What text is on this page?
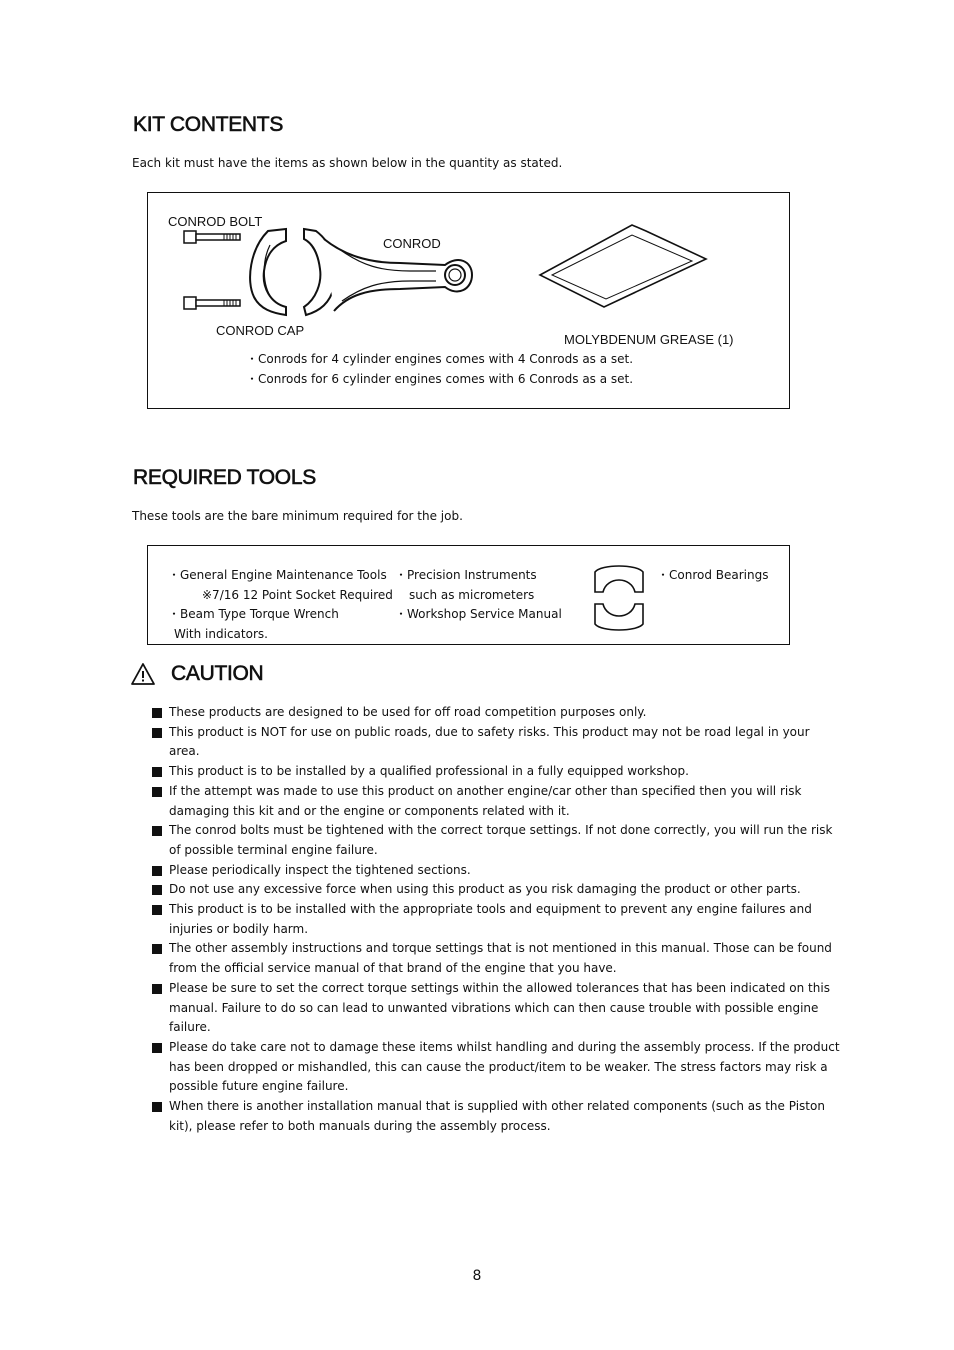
KIT CONTENTS
Each kit must have the items as shown below in the quantity as stated.
CONROD BOLT
CONROD
CONROD CAP
MOLYBDENUM GREASE (1)
・Conrods for 4 cylinder engines comes with 4 Conrods as a set.
・Conrods for 6 cylinder engines comes with 6 Conrods as a set.
REQUIRED TOOLS
These tools are the bare minimum required for the job.
・General Engine Maintenance Tools
※7/16 12 Point Socket Required
・Beam Type Torque Wrench
With indicators.
・Precision Instruments
such as micrometers
・Workshop Service Manual
・Conrod Bearings
CAUTION
These products are designed to be used for off road competition purposes only.
This product is NOT for use on public roads, due to safety risks. This product may not be road legal in your area.
This product is to be installed by a qualified professional in a fully equipped workshop.
If the attempt was made to use this product on another engine/car other than specified then you will risk damaging this kit and or the engine or components related with it.
The conrod bolts must be tightened with the correct torque settings. If not done correctly, you will run the risk of possible terminal engine failure.
Please periodically inspect the tightened sections.
Do not use any excessive force when using this product as you risk damaging the product or other parts.
This product is to be installed with the appropriate tools and equipment to prevent any engine failures and injuries or bodily harm.
The other assembly instructions and torque settings that is not mentioned in this manual. Those can be found from the official service manual of that brand of the engine that you have.
Please be sure to set the correct torque settings within the allowed tolerances that has been indicated on this manual. Failure to do so can lead to unwanted vibrations which can then cause trouble with possible engine failure.
Please do take care not to damage these items whilst handling and during the assembly process. If the product has been dropped or mishandled, this can cause the product/item to be weaker. The stress factors may risk a possible future engine failure.
When there is another installation manual that is supplied with other related components (such as the Piston kit), please refer to both manuals during the assembly process.
8
